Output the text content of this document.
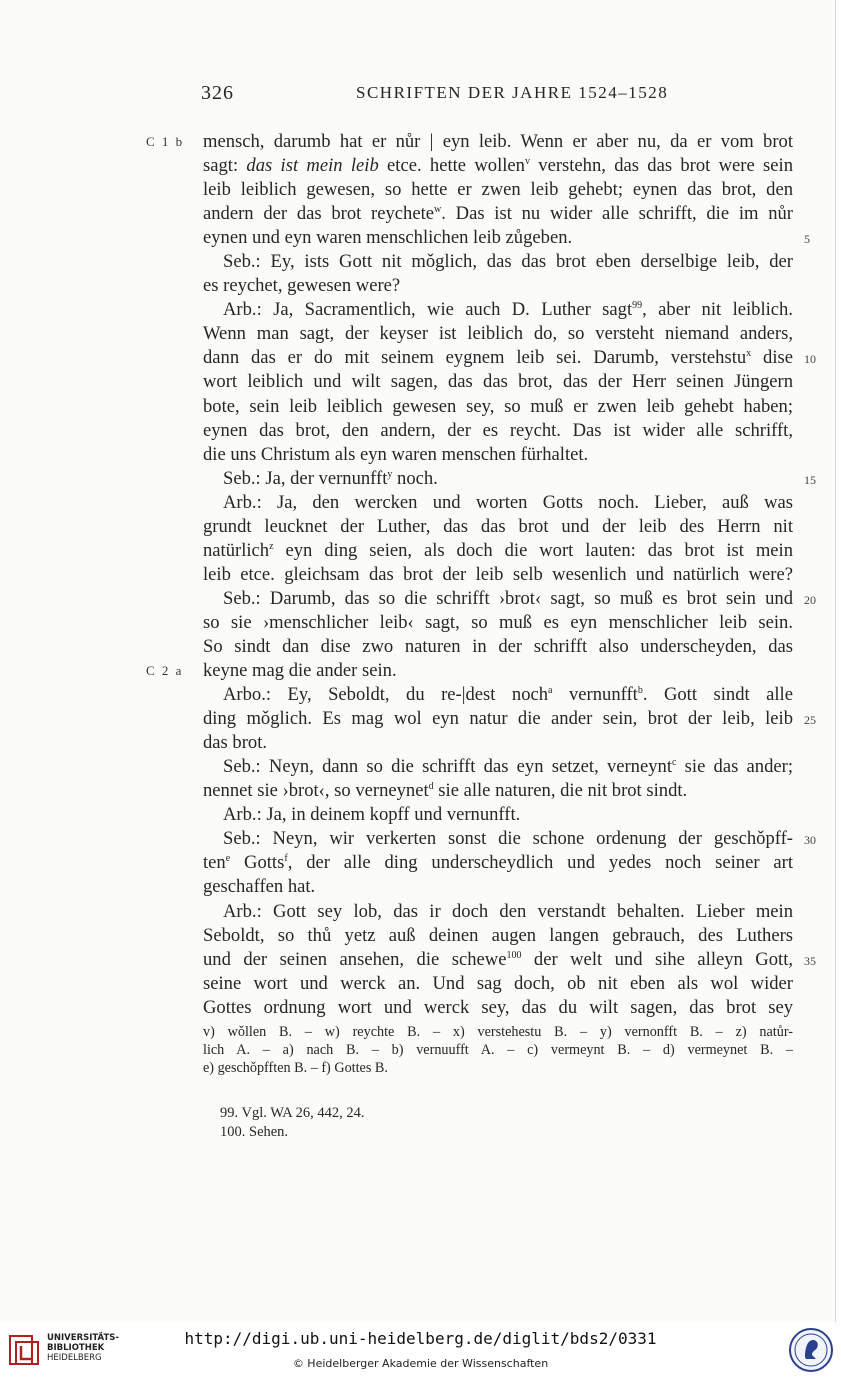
326	SCHRIFTEN DER JAHRE 1524–1528
C 1 b
C 2 a
5
10
15
20
25
30
35
mensch, darumb hat er nůr | eyn leib. Wenn er aber nu, da er vom brot
sagt: das ist mein leib etce. hette wollen$^v$ verstehn, das das brot were sein
leib leiblich gewesen, so hette er zwen leib gehebt; eynen das brot, den
andern der das brot reychete$^w$. Das ist nu wider alle schrifft, die im nůr
eynen und eyn waren menschlichen leib zůgeben.
Seb.: Ey, ists Gott nit mǒglich, das das brot eben derselbige leib, der
es reychet, gewesen were?
Arb.: Ja, Sacramentlich, wie auch D. Luther sagt$^{99}$, aber nit leiblich.
Wenn man sagt, der keyser ist leiblich do, so versteht niemand anders,
dann das er do mit seinem eygnem leib sei. Darumb, verstehstu$^x$ dise
wort leiblich und wilt sagen, das das brot, das der Herr seinen Jüngern
bote, sein leib leiblich gewesen sey, so muß er zwen leib gehebt haben;
eynen das brot, den andern, der es reycht. Das ist wider alle schrifft,
die uns Christum als eyn waren menschen fürhaltet.
Seb.: Ja, der vernunfft$^y$ noch.
Arb.: Ja, den wercken und worten Gotts noch. Lieber, auß was
grundt leucknet der Luther, das das brot und der leib des Herrn nit
natürlich$^z$ eyn ding seien, als doch die wort lauten: das brot ist mein
leib etce. gleichsam das brot der leib selb wesenlich und natürlich were?
Seb.: Darumb, das so die schrifft ›brot‹ sagt, so muß es brot sein und
so sie ›menschlicher leib‹ sagt, so muß es eyn menschlicher leib sein.
So sindt dan dise zwo naturen in der schrifft also underscheyden, das
keyne mag die ander sein.
Arbo.: Ey, Seboldt, du re-|dest noch$^a$ vernunfft$^b$. Gott sindt alle
ding mǒglich. Es mag wol eyn natur die ander sein, brot der leib, leib
das brot.
Seb.: Neyn, dann so die schrifft das eyn setzet, verneynt$^c$ sie das ander;
nennet sie ›brot‹, so verneynet$^d$ sie alle naturen, die nit brot sindt.
Arb.: Ja, in deinem kopff und vernunfft.
Seb.: Neyn, wir verkerten sonst die schone ordenung der geschǒpff-
ten$^e$ Gotts$^f$, der alle ding underscheydlich und yedes noch seiner art
geschaffen hat.
Arb.: Gott sey lob, das ir doch den verstandt behalten. Lieber mein
Seboldt, so thů yetz auß deinen augen langen gebrauch, des Luthers
und der seinen ansehen, die schewe$^{100}$ der welt und sihe alleyn Gott,
seine wort und werck an. Und sag doch, ob nit eben als wol wider
Gottes ordnung wort und werck sey, das du wilt sagen, das brot sey
v) wǒllen B. – w) reychte B. – x) verstehestu B. – y) vernonfft B. – z) natůr-
lich A. – a) nach B. – b) vernuufft A. – c) vermeynt B. – d) vermeynet B. –
e) geschǒpfften B. – f) Gottes B.
99. Vgl. WA 26, 442, 24.
100. Sehen.
UNIVERSITÄTS-
BIBLIOTHEK
HEIDELBERG
http://digi.ub.uni-heidelberg.de/diglit/bds2/0331
© Heidelberger Akademie der Wissenschaften
